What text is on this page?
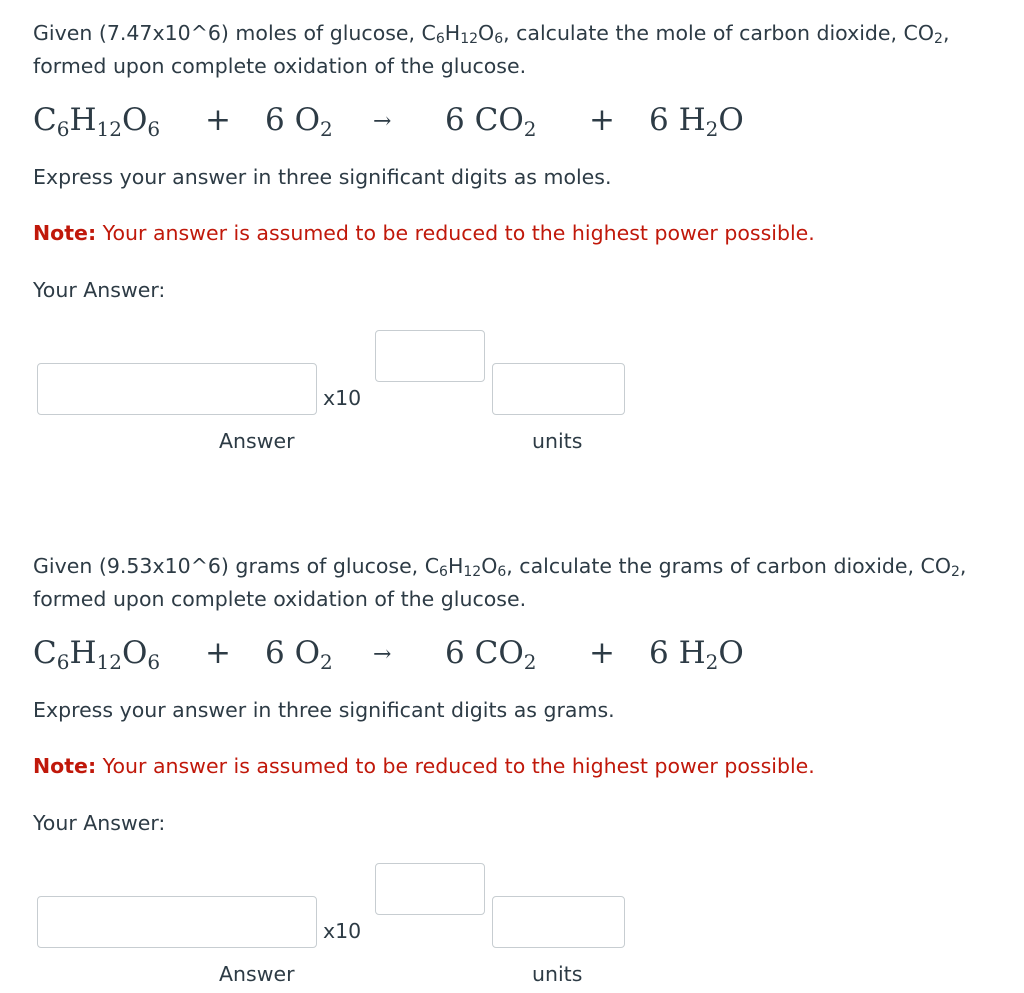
Given (7.47x10^6) moles of glucose, $C_6H_{12}O_6$, calculate the mole of carbon dioxide, $CO_2$,
formed upon complete oxidation of the glucose.
$C_6H_{12}O_6 + 6$ $O_2 \to 6$ $CO_2 + 6$ $H_2O$
Express your answer in three significant digits as moles.
Note: Your answer is assumed to be reduced to the highest power possible.
Your Answer:
x10
Answer	units
Given (9.53x10^6) grams of glucose, $C_6H_{12}O_6$, calculate the grams of carbon dioxide, $CO_2$,
formed upon complete oxidation of the glucose.
$C_6H_{12}O_6 + 6$ $O_2 \to 6$ $CO_2 + 6$ $H_2O$
Express your answer in three significant digits as grams.
Note: Your answer is assumed to be reduced to the highest power possible.
Your Answer:
x10
Answer	units
